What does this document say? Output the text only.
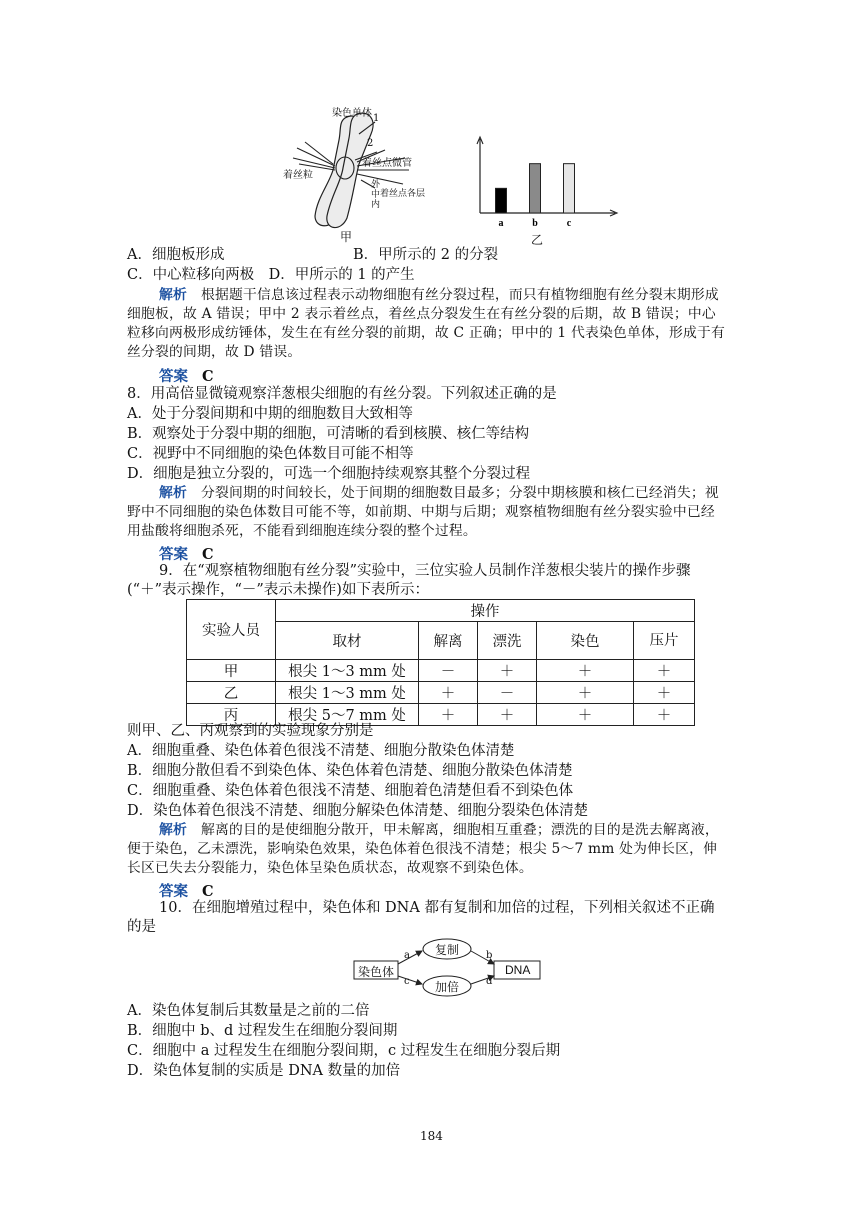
染色单体 1
2
着丝点微管
着丝粒
外
中
内
着丝点各层
甲
a	b	c
乙
A．细胞板形成	B．甲所示的 2 的分裂
C．中心粒移向两极　D．甲所示的 1 的产生
解析 根据题干信息该过程表示动物细胞有丝分裂过程，而只有植物细胞有丝分裂末期形成细胞板，故 A 错误；甲中 2 表示着丝点，着丝点分裂发生在有丝分裂的后期，故 B 错误；中心粒移向两极形成纺锤体，发生在有丝分裂的前期，故 C 正确；甲中的 1 代表染色单体，形成于有丝分裂的间期，故 D 错误。
答案 C
8．用高倍显微镜观察洋葱根尖细胞的有丝分裂。下列叙述正确的是
A．处于分裂间期和中期的细胞数目大致相等
B．观察处于分裂中期的细胞，可清晰的看到核膜、核仁等结构
C．视野中不同细胞的染色体数目可能不相等
D．细胞是独立分裂的，可选一个细胞持续观察其整个分裂过程
解析 分裂间期的时间较长，处于间期的细胞数目最多；分裂中期核膜和核仁已经消失；视野中不同细胞的染色体数目可能不等，如前期、中期与后期；观察植物细胞有丝分裂实验中已经用盐酸将细胞杀死，不能看到细胞连续分裂的整个过程。
答案 C
9．在“观察植物细胞有丝分裂”实验中，三位实验人员制作洋葱根尖装片的操作步骤(“＋”表示操作，“－”表示未操作)如下表所示：
实验人员	操作				
	取材	解离	漂洗	染色	压片
甲	根尖 1～3 mm 处	－	＋	＋	＋
乙	根尖 1～3 mm 处	＋	－	＋	＋
丙	根尖 5～7 mm 处	＋	＋	＋	＋
则甲、乙、丙观察到的实验现象分别是
A．细胞重叠、染色体着色很浅不清楚、细胞分散染色体清楚
B．细胞分散但看不到染色体、染色体着色清楚、细胞分散染色体清楚
C．细胞重叠、染色体着色很浅不清楚、细胞着色清楚但看不到染色体
D．染色体着色很浅不清楚、细胞分解染色体清楚、细胞分裂染色体清楚
解析 解离的目的是使细胞分散开，甲未解离，细胞相互重叠；漂洗的目的是洗去解离液，便于染色，乙未漂洗，影响染色效果，染色体着色很浅不清楚；根尖 5～7 mm 处为伸长区，伸长区已失去分裂能力，染色体呈染色质状态，故观察不到染色体。
答案 C
10．在细胞增殖过程中，染色体和 DNA 都有复制和加倍的过程，下列相关叙述不正确的是
染色体	DNA
复制
加倍
a	b
c	d
A．染色体复制后其数量是之前的二倍
B．细胞中 b、d 过程发生在细胞分裂间期
C．细胞中 a 过程发生在细胞分裂间期，c 过程发生在细胞分裂后期
D．染色体复制的实质是 DNA 数量的加倍
184
